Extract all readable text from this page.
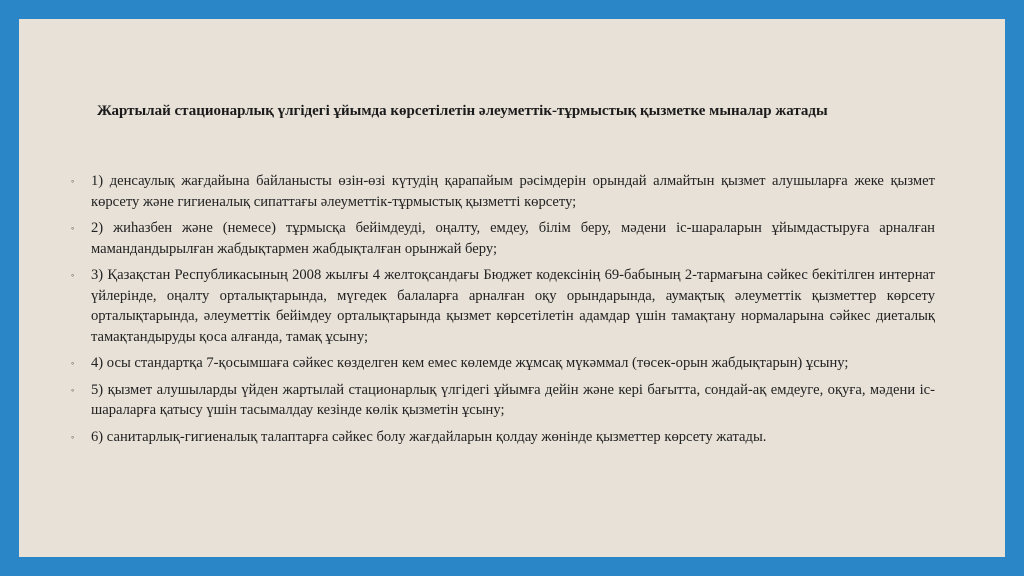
Жартылай стационарлық үлгідегі ұйымда көрсетілетін әлеуметтік-тұрмыстық қызметке мыналар жатады
◦ 1) денсаулық жағдайына байланысты өзін-өзі күтудің қарапайым рәсімдерін орындай алмайтын қызмет алушыларға жеке қызмет көрсету және гигиеналық сипаттағы әлеуметтік-тұрмыстық қызметті көрсету;
◦ 2) жиһазбен және (немесе) тұрмысқа бейімдеуді, оңалту, емдеу, білім беру, мәдени іс-шараларын ұйымдастыруға арналған мамандандырылған жабдықтармен жабдықталған орынжай беру;
◦ 3) Қазақстан Республикасының 2008 жылғы 4 желтоқсандағы Бюджет кодексінің 69-бабының 2-тармағына сәйкес бекітілген интернат үйлерінде, оңалту орталықтарында, мүгедек балаларға арналған оқу орындарында, аумақтық әлеуметтік қызметтер көрсету орталықтарында, әлеуметтік бейімдеу орталықтарында қызмет көрсетілетін адамдар үшін тамақтану нормаларына сәйкес диеталық тамақтандыруды қоса алғанда, тамақ ұсыну;
◦ 4) осы стандартқа 7-қосымшаға сәйкес көзделген кем емес көлемде жұмсақ мүкәммал (төсек-орын жабдықтарын) ұсыну;
◦ 5) қызмет алушыларды үйден жартылай стационарлық үлгідегі ұйымға дейін және кері бағытта, сондай-ақ емдеуге, оқуға, мәдени іс-шараларға қатысу үшін тасымалдау кезінде көлік қызметін ұсыну;
◦ 6) санитарлық-гигиеналық талаптарға сәйкес болу жағдайларын қолдау жөнінде қызметтер көрсету жатады.
